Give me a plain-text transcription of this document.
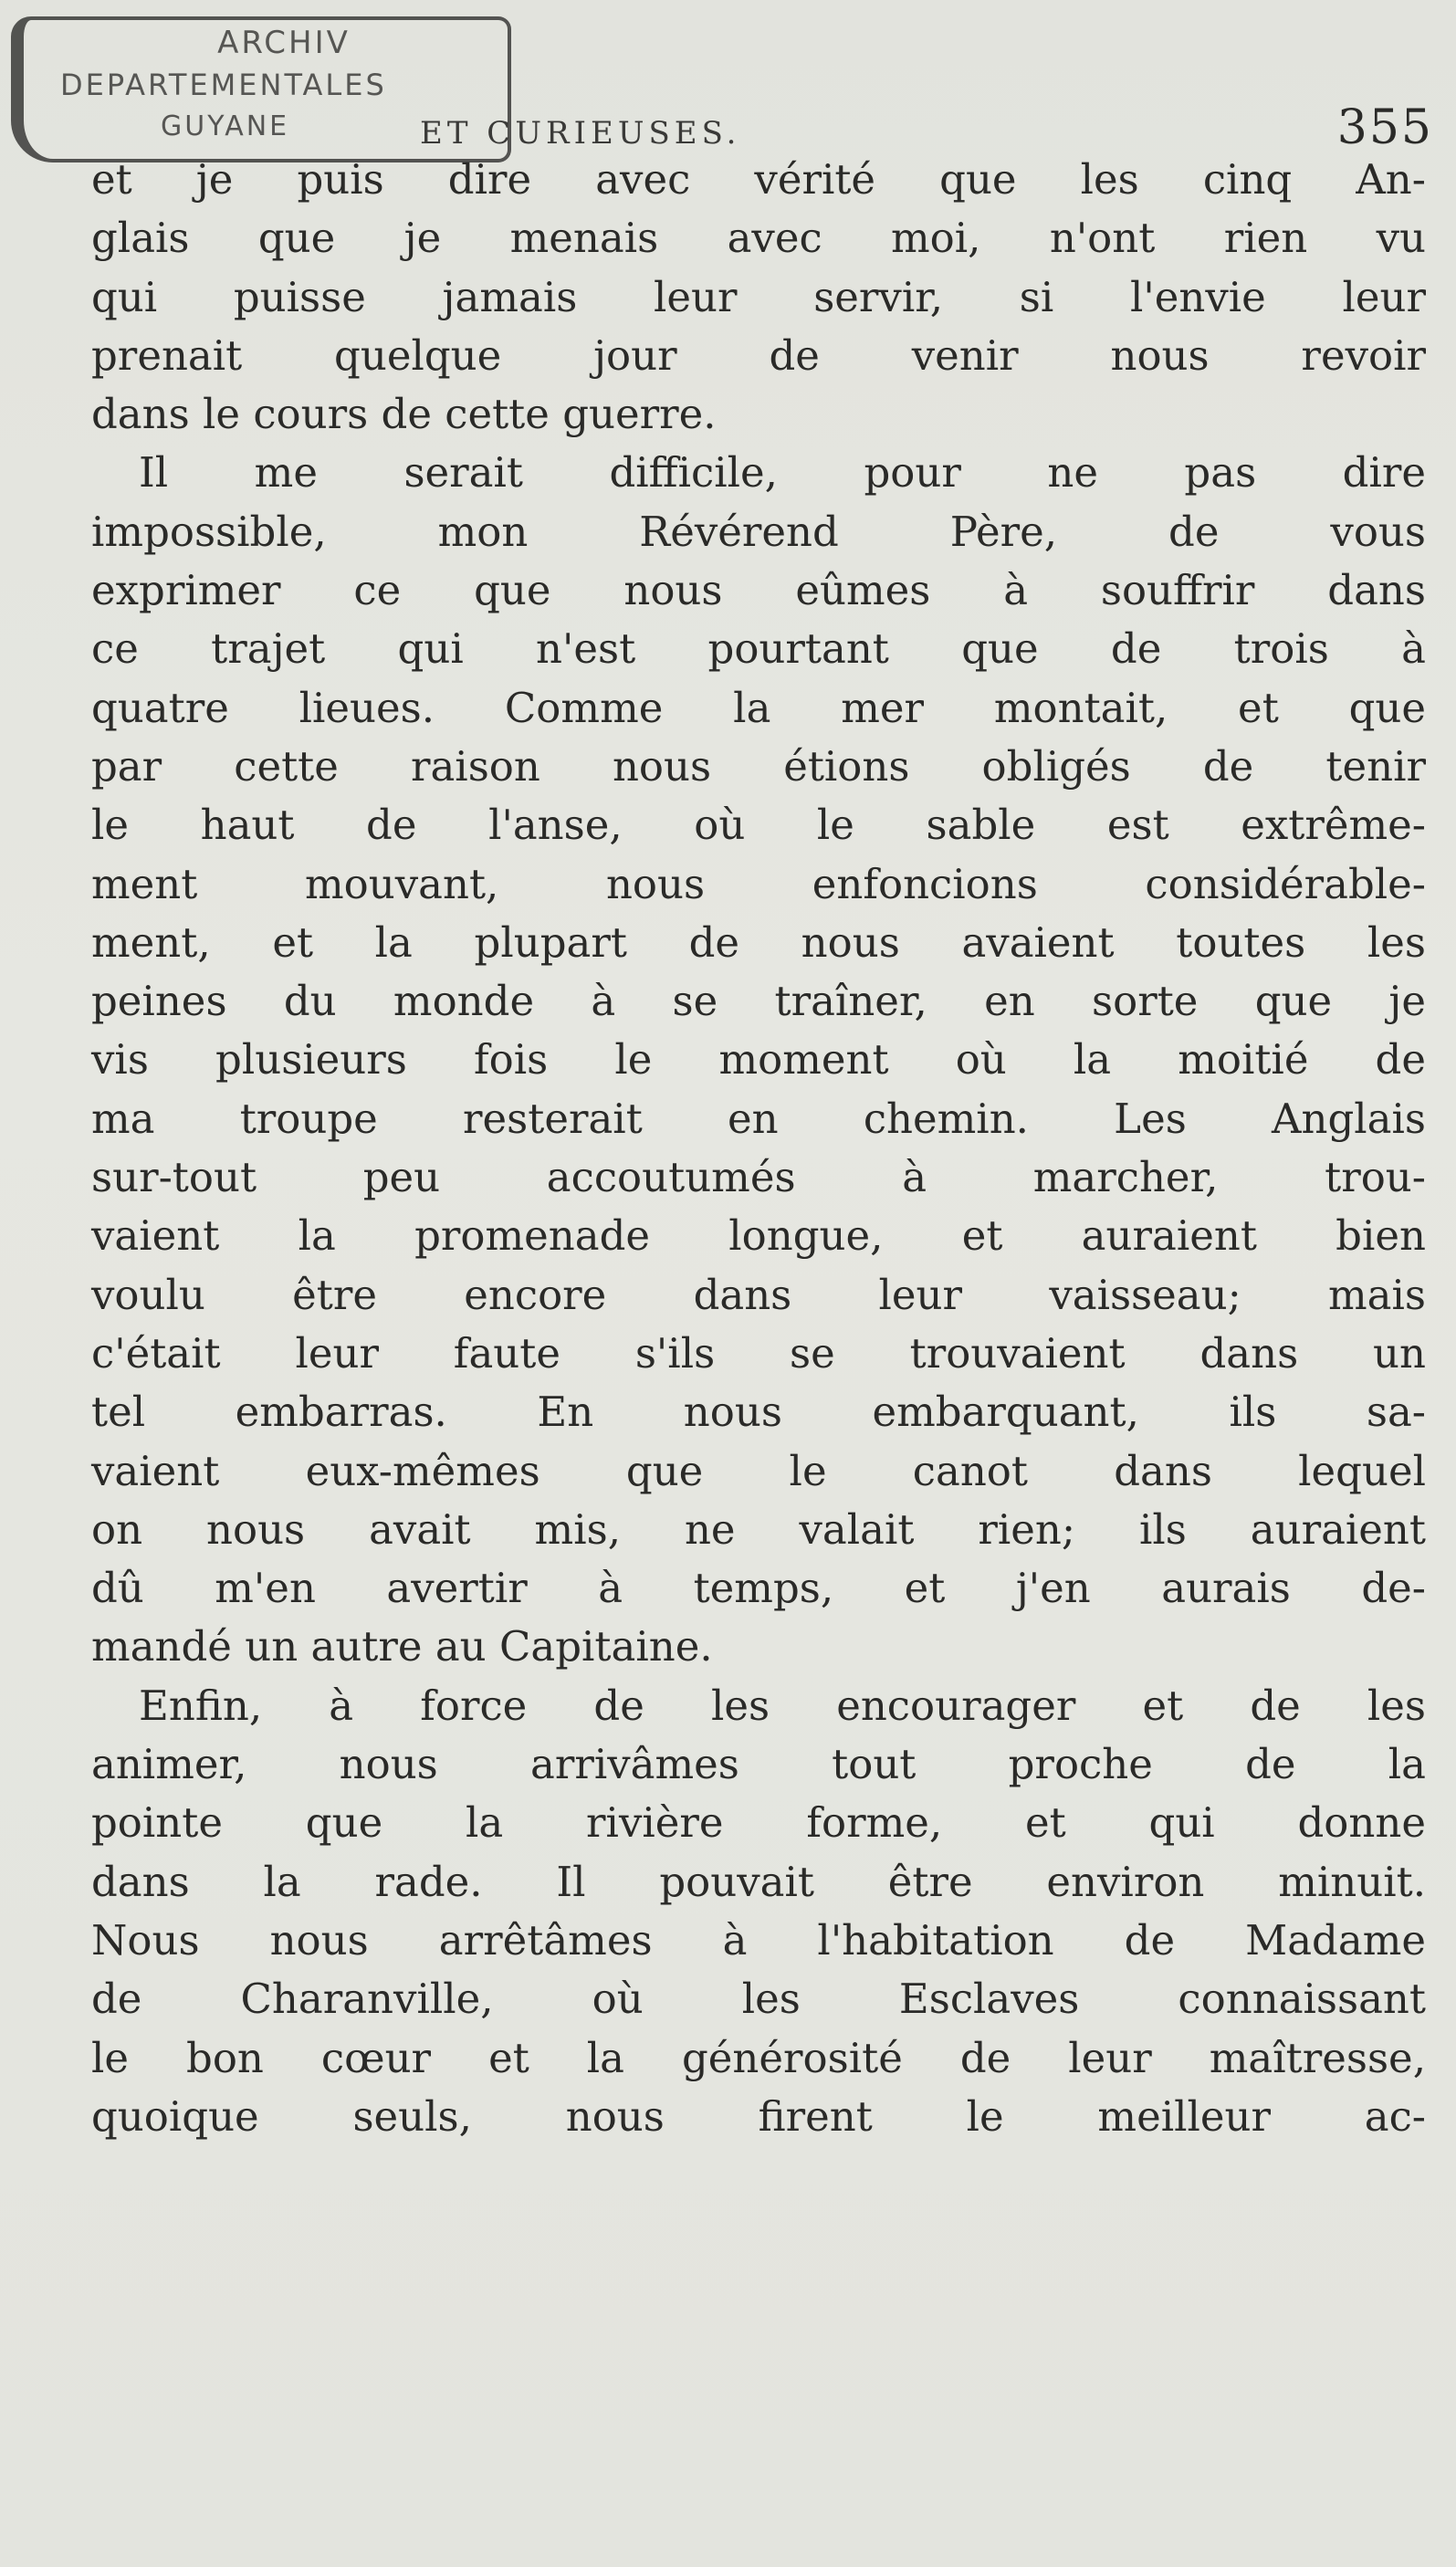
ARCHIV
DEPARTEMENTALES
GUYANE	ET CURIEUSES.	355
et je puis dire avec vérité que les cinq An-
glais que je menais avec moi, n'ont rien vu
qui puisse jamais leur servir, si l'envie leur
prenait quelque jour de venir nous revoir
dans le cours de cette guerre.
Il me serait difficile, pour ne pas dire
impossible, mon Révérend Père, de vous
exprimer ce que nous eûmes à souffrir dans
ce trajet qui n'est pourtant que de trois à
quatre lieues. Comme la mer montait, et que
par cette raison nous étions obligés de tenir
le haut de l'anse, où le sable est extrême-
ment mouvant, nous enfoncions considérable-
ment, et la plupart de nous avaient toutes les
peines du monde à se traîner, en sorte que je
vis plusieurs fois le moment où la moitié de
ma troupe resterait en chemin. Les Anglais
sur-tout peu accoutumés à marcher, trou-
vaient la promenade longue, et auraient bien
voulu être encore dans leur vaisseau; mais
c'était leur faute s'ils se trouvaient dans un
tel embarras. En nous embarquant, ils sa-
vaient eux-mêmes que le canot dans lequel
on nous avait mis, ne valait rien; ils auraient
dû m'en avertir à temps, et j'en aurais de-
mandé un autre au Capitaine.
Enfin, à force de les encourager et de les
animer, nous arrivâmes tout proche de la
pointe que la rivière forme, et qui donne
dans la rade. Il pouvait être environ minuit.
Nous nous arrêtâmes à l'habitation de Madame
de Charanville, où les Esclaves connaissant
le bon cœur et la générosité de leur maîtresse,
quoique seuls, nous firent le meilleur ac-
